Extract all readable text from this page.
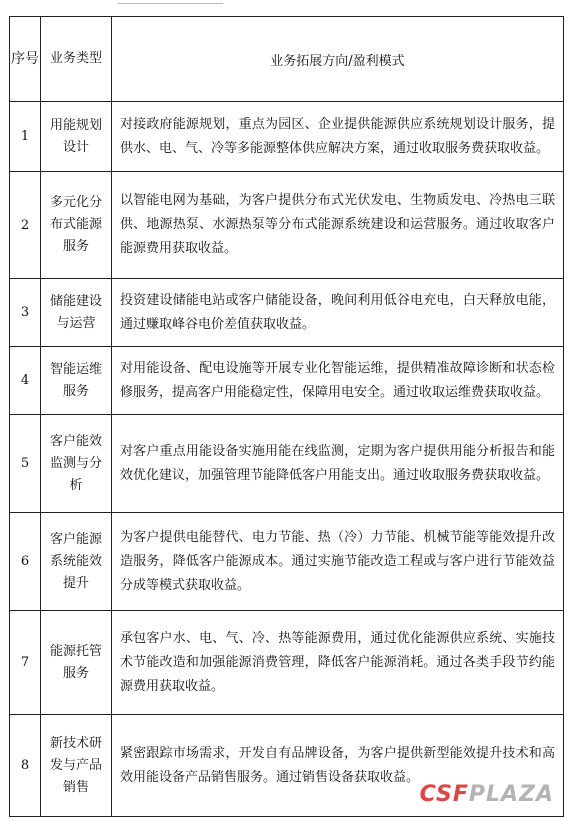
序号	业务类型	业务拓展方向/盈利模式
1	用能规划设计	对接政府能源规划，重点为园区、企业提供能源供应系统规划设计服务，提供水、电、气、冷等多能源整体供应解决方案，通过收取服务费获取收益。
2	多元化分布式能源服务	以智能电网为基础，为客户提供分布式光伏发电、生物质发电、冷热电三联供、地源热泵、水源热泵等分布式能源系统建设和运营服务。通过收取客户能源费用获取收益。
3	储能建设与运营	投资建设储能电站或客户储能设备，晚间利用低谷电充电，白天释放电能，通过赚取峰谷电价差值获取收益。
4	智能运维服务	对用能设备、配电设施等开展专业化智能运维，提供精准故障诊断和状态检修服务，提高客户用能稳定性，保障用电安全。通过收取运维费获取收益。
5	客户能效监测与分析	对客户重点用能设备实施用能在线监测，定期为客户提供用能分析报告和能效优化建议，加强管理节能降低客户用能支出。通过收取服务费获取收益。
6	客户能源系统能效提升	为客户提供电能替代、电力节能、热（冷）力节能、机械节能等能效提升改造服务，降低客户能源成本。通过实施节能改造工程或与客户进行节能效益分成等模式获取收益。
7	能源托管服务	承包客户水、电、气、冷、热等能源费用，通过优化能源供应系统、实施技术节能改造和加强能源消费管理，降低客户能源消耗。通过各类手段节约能源费用获取收益。
8	新技术研发与产品销售	紧密跟踪市场需求，开发自有品牌设备，为客户提供新型能效提升技术和高效用能设备产品销售服务。通过销售设备获取收益。
CSFPLAZA
